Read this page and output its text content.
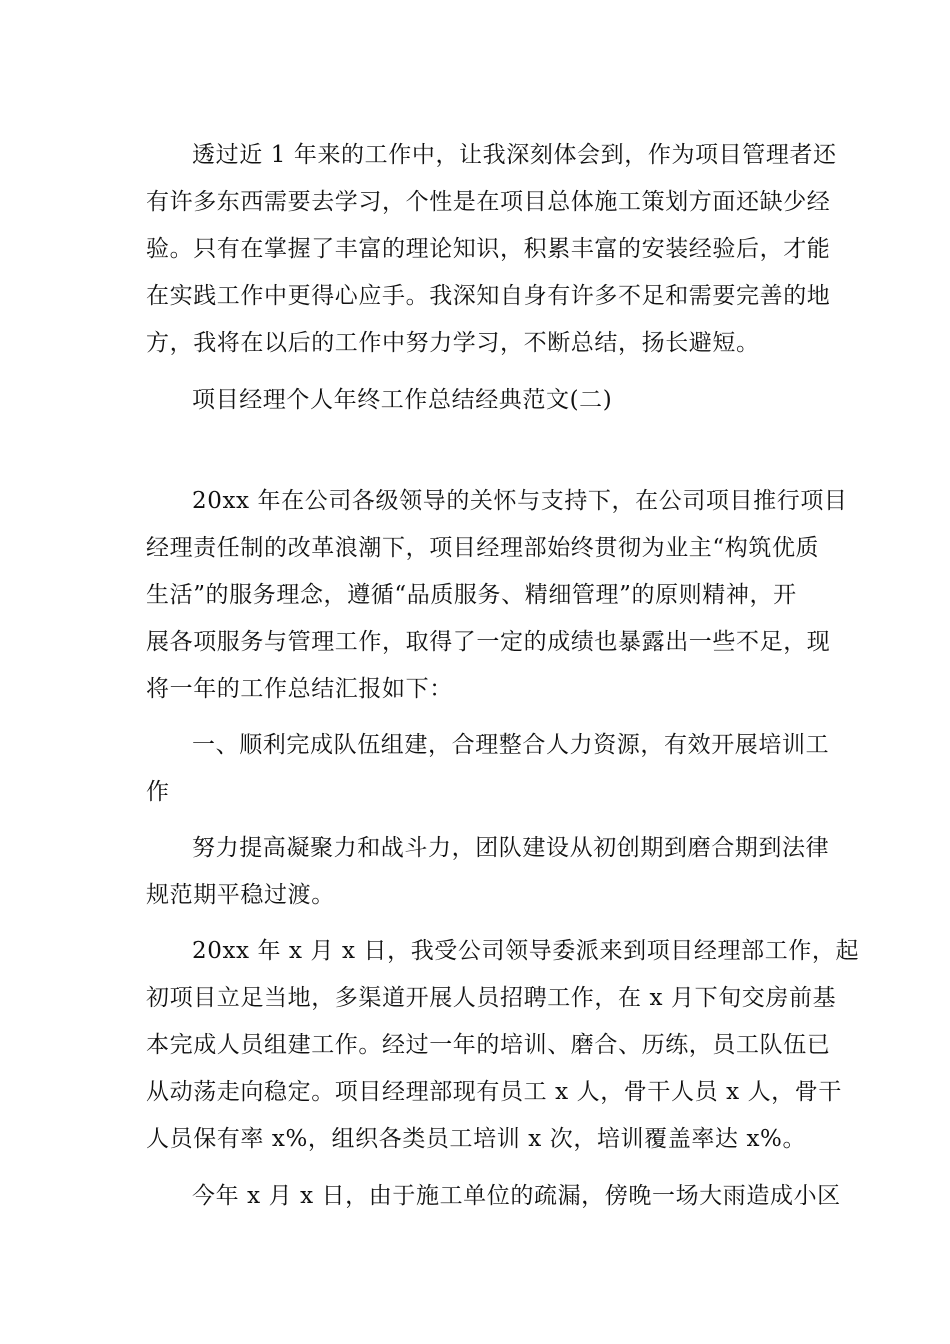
透过近 1 年来的工作中，让我深刻体会到，作为项目管理者还
有许多东西需要去学习，个性是在项目总体施工策划方面还缺少经
验。只有在掌握了丰富的理论知识，积累丰富的安装经验后，才能
在实践工作中更得心应手。我深知自身有许多不足和需要完善的地
方，我将在以后的工作中努力学习，不断总结，扬长避短。
项目经理个人年终工作总结经典范文(二)
20xx 年在公司各级领导的关怀与支持下，在公司项目推行项目
经理责任制的改革浪潮下，项目经理部始终贯彻为业主“构筑优质
生活”的服务理念，遵循“品质服务、精细管理”的原则精神，开
展各项服务与管理工作，取得了一定的成绩也暴露出一些不足，现
将一年的工作总结汇报如下：
一、顺利完成队伍组建，合理整合人力资源，有效开展培训工
作
努力提高凝聚力和战斗力，团队建设从初创期到磨合期到法律
规范期平稳过渡。
20xx 年 x 月 x 日，我受公司领导委派来到项目经理部工作，起
初项目立足当地，多渠道开展人员招聘工作，在 x 月下旬交房前基
本完成人员组建工作。经过一年的培训、磨合、历练，员工队伍已
从动荡走向稳定。项目经理部现有员工 x 人，骨干人员 x 人，骨干
人员保有率 x%，组织各类员工培训 x 次，培训覆盖率达 x%。
今年 x 月 x 日，由于施工单位的疏漏，傍晚一场大雨造成小区
